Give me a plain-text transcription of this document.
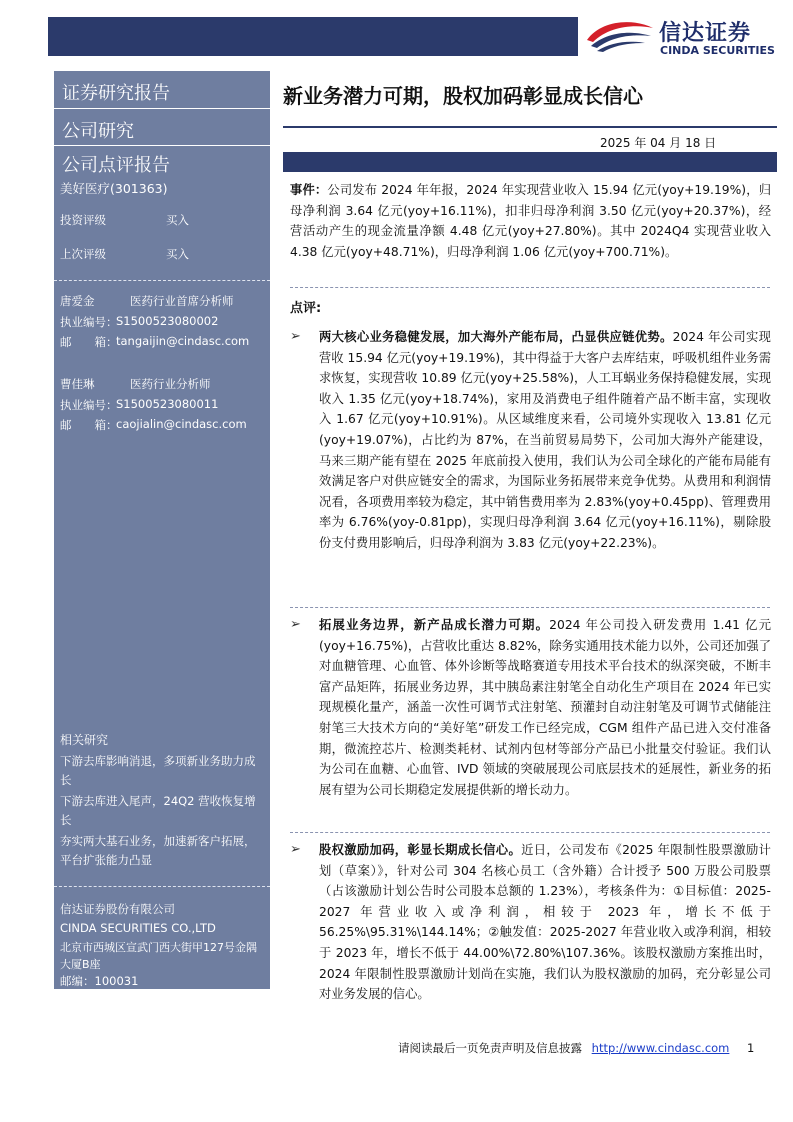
信达证券
CINDA SECURITIES
证券研究报告
公司研究
公司点评报告
美好医疗(301363)
投资评级	买入
上次评级	买入
唐爱金	医药行业首席分析师
执业编号：
S1500523080002
邮　　箱：
tangaijin@cindasc.com
曹佳琳	医药行业分析师
执业编号：
S1500523080011
邮　　箱：
caojialin@cindasc.com
相关研究
下游去库影响消退，多项新业务助力成长
下游去库进入尾声，24Q2 营收恢复增长
夯实两大基石业务，加速新客户拓展，平台扩张能力凸显
信达证券股份有限公司
CINDA SECURITIES CO.,LTD
北京市西城区宣武门西大街甲127号金隅大厦B座
邮编：100031
新业务潜力可期，股权加码彰显成长信心
2025 年 04 月 18 日
事件：公司发布 2024 年年报，2024 年实现营业收入 15.94 亿元(yoy+19.19%)，归母净利润 3.64 亿元(yoy+16.11%)，扣非归母净利润 3.50 亿元(yoy+20.37%)，经营活动产生的现金流量净额 4.48 亿元(yoy+27.80%)。其中 2024Q4 实现营业收入 4.38 亿元(yoy+48.71%)，归母净利润 1.06 亿元(yoy+700.71%)。
点评:
➢ 两大核心业务稳健发展，加大海外产能布局，凸显供应链优势。2024 年公司实现营收 15.94 亿元(yoy+19.19%)，其中得益于大客户去库结束，呼吸机组件业务需求恢复，实现营收 10.89 亿元(yoy+25.58%)，人工耳蜗业务保持稳健发展，实现收入 1.35 亿元(yoy+18.74%)，家用及消费电子组件随着产品不断丰富，实现收入 1.67 亿元(yoy+10.91%)。从区域维度来看，公司境外实现收入 13.81 亿元(yoy+19.07%)，占比约为 87%，在当前贸易局势下，公司加大海外产能建设，马来三期产能有望在 2025 年底前投入使用，我们认为公司全球化的产能布局能有效满足客户对供应链安全的需求，为国际业务拓展带来竞争优势。从费用和利润情况看，各项费用率较为稳定，其中销售费用率为 2.83%(yoy+0.45pp)、管理费用率为 6.76%(yoy-0.81pp)，实现归母净利润 3.64 亿元(yoy+16.11%)，剔除股份支付费用影响后，归母净利润为 3.83 亿元(yoy+22.23%)。
➢ 拓展业务边界，新产品成长潜力可期。2024 年公司投入研发费用 1.41 亿元(yoy+16.75%)，占营收比重达 8.82%，除务实通用技术能力以外，公司还加强了对血糖管理、心血管、体外诊断等战略赛道专用技术平台技术的纵深突破，不断丰富产品矩阵，拓展业务边界，其中胰岛素注射笔全自动化生产项目在 2024 年已实现规模化量产，涵盖一次性可调节式注射笔、预灌封自动注射笔及可调节式储能注射笔三大技术方向的“美好笔”研发工作已经完成，CGM 组件产品已进入交付准备期，微流控芯片、检测类耗材、试剂内包材等部分产品已小批量交付验证。我们认为公司在血糖、心血管、IVD 领域的突破展现公司底层技术的延展性，新业务的拓展有望为公司长期稳定发展提供新的增长动力。
➢ 股权激励加码，彰显长期成长信心。近日，公司发布《2025 年限制性股票激励计划（草案）》，针对公司 304 名核心员工（含外籍）合计授予 500 万股公司股票（占该激励计划公告时公司股本总额的 1.23%），考核条件为：①目标值：2025-2027 年营业收入或净利润，相较于 2023 年，增长不低于 56.25%\95.31%\144.14%；②触发值：2025-2027 年营业收入或净利润，相较于 2023 年，增长不低于 44.00%\72.80%\107.36%。该股权激励方案推出时，2024 年限制性股票激励计划尚在实施，我们认为股权激励的加码，充分彰显公司对业务发展的信心。
请阅读最后一页免责声明及信息披露 http://www.cindasc.com 1
